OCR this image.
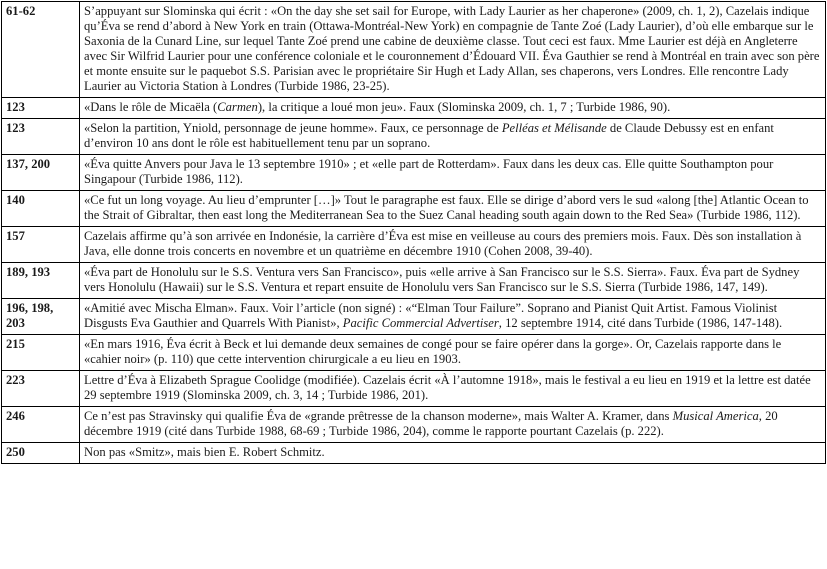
61-62	S’appuyant sur Slominska qui écrit : «On the day she set sail for Europe, with Lady Laurier as her chaperone» (2009, ch. 1, 2), Cazelais indique qu’Éva se rend d’abord à New York en train (Ottawa-Montréal-New York) en compagnie de Tante Zoé (Lady Laurier), d’où elle embarque sur le Saxonia de la Cunard Line, sur lequel Tante Zoé prend une cabine de deuxième classe. Tout ceci est faux. Mme Laurier est déjà en Angleterre avec Sir Wilfrid Laurier pour une conférence coloniale et le couronnement d’Édouard VII. Éva Gauthier se rend à Montréal en train avec son père et monte ensuite sur le paquebot S.S. Parisian avec le propriétaire Sir Hugh et Lady Allan, ses chaperons, vers Londres. Elle rencontre Lady Laurier au Victoria Station à Londres (Turbide 1986, 23-25).
123	«Dans le rôle de Micaëla (Carmen), la critique a loué mon jeu». Faux (Slominska 2009, ch. 1, 7 ; Turbide 1986, 90).
123	«Selon la partition, Yniold, personnage de jeune homme». Faux, ce personnage de Pelléas et Mélisande de Claude Debussy est en enfant d’environ 10 ans dont le rôle est habituellement tenu par un soprano.
137, 200	«Éva quitte Anvers pour Java le 13 septembre 1910» ; et «elle part de Rotterdam». Faux dans les deux cas. Elle quitte Southampton pour Singapour (Turbide 1986, 112).
140	«Ce fut un long voyage. Au lieu d’emprunter […]» Tout le paragraphe est faux. Elle se dirige d’abord vers le sud «along [the] Atlantic Ocean to the Strait of Gibraltar, then east long the Mediterranean Sea to the Suez Canal heading south again down to the Red Sea» (Turbide 1986, 112).
157	Cazelais affirme qu’à son arrivée en Indonésie, la carrière d’Éva est mise en veilleuse au cours des premiers mois. Faux. Dès son installation à Java, elle donne trois concerts en novembre et un quatrième en décembre 1910 (Cohen 2008, 39-40).
189, 193	«Éva part de Honolulu sur le S.S. Ventura vers San Francisco», puis «elle arrive à San Francisco sur le S.S. Sierra». Faux. Éva part de Sydney vers Honolulu (Hawaii) sur le S.S. Ventura et repart ensuite de Honolulu vers San Francisco sur le S.S. Sierra (Turbide 1986, 147, 149).
196, 198, 203	«Amitié avec Mischa Elman». Faux. Voir l’article (non signé) : «“Elman Tour Failure”. Soprano and Pianist Quit Artist. Famous Violinist Disgusts Eva Gauthier and Quarrels With Pianist», Pacific Commercial Advertiser, 12 septembre 1914, cité dans Turbide (1986, 147-148).
215	«En mars 1916, Éva écrit à Beck et lui demande deux semaines de congé pour se faire opérer dans la gorge». Or, Cazelais rapporte dans le «cahier noir» (p. 110) que cette intervention chirurgicale a eu lieu en 1903.
223	Lettre d’Éva à Elizabeth Sprague Coolidge (modifiée). Cazelais écrit «À l’automne 1918», mais le festival a eu lieu en 1919 et la lettre est datée 29 septembre 1919 (Slominska 2009, ch. 3, 14 ; Turbide 1986, 201).
246	Ce n’est pas Stravinsky qui qualifie Éva de «grande prêtresse de la chanson moderne», mais Walter A. Kramer, dans Musical America, 20 décembre 1919 (cité dans Turbide 1988, 68-69 ; Turbide 1986, 204), comme le rapporte pourtant Cazelais (p. 222).
250	Non pas «Smitz», mais bien E. Robert Schmitz.
